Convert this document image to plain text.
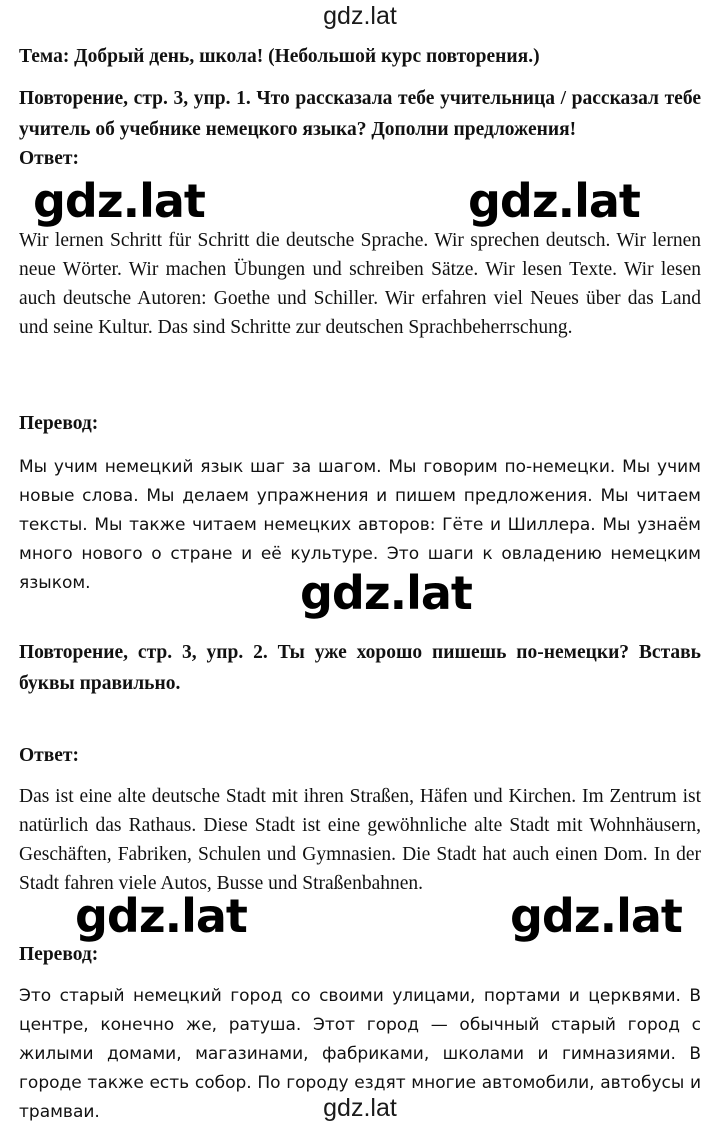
gdz.lat
Тема: Добрый день, школа! (Небольшой курс повторения.)
Повторение, стр. 3, упр. 1. Что рассказала тебе учительница / рассказал тебе учитель об учебнике немецкого языка? Дополни предложения!
Ответ:
gdz.lat	gdz.lat
Wir lernen Schritt für Schritt die deutsche Sprache. Wir sprechen deutsch. Wir lernen neue Wörter. Wir machen Übungen und schreiben Sätze. Wir lesen Texte. Wir lesen auch deutsche Autoren: Goethe und Schiller. Wir erfahren viel Neues über das Land und seine Kultur. Das sind Schritte zur deutschen Sprachbeherrschung.
Перевод:
Мы учим немецкий язык шаг за шагом. Мы говорим по-немецки. Мы учим новые слова. Мы делаем упражнения и пишем предложения. Мы читаем тексты. Мы также читаем немецких авторов: Гёте и Шиллера. Мы узнаём много нового о стране и её культуре. Это шаги к овладению немецким языком.	gdz.lat
Повторение, стр. 3, упр. 2. Ты уже хорошо пишешь по-немецки? Вставь буквы правильно.
Ответ:
Das ist eine alte deutsche Stadt mit ihren Straßen, Häfen und Kirchen. Im Zentrum ist natürlich das Rathaus. Diese Stadt ist eine gewöhnliche alte Stadt mit Wohnhäusern, Geschäften, Fabriken, Schulen und Gymnasien. Die Stadt hat auch einen Dom. In der Stadt fahren viele Autos, Busse und Straßenbahnen.
gdz.lat	gdz.lat
Перевод:
Это старый немецкий город со своими улицами, портами и церквями. В центре, конечно же, ратуша. Этот город — обычный старый город с жилыми домами, магазинами, фабриками, школами и гимназиями. В городе также есть собор. По городу ездят многие автомобили, автобусы и трамваи.	gdz.lat
